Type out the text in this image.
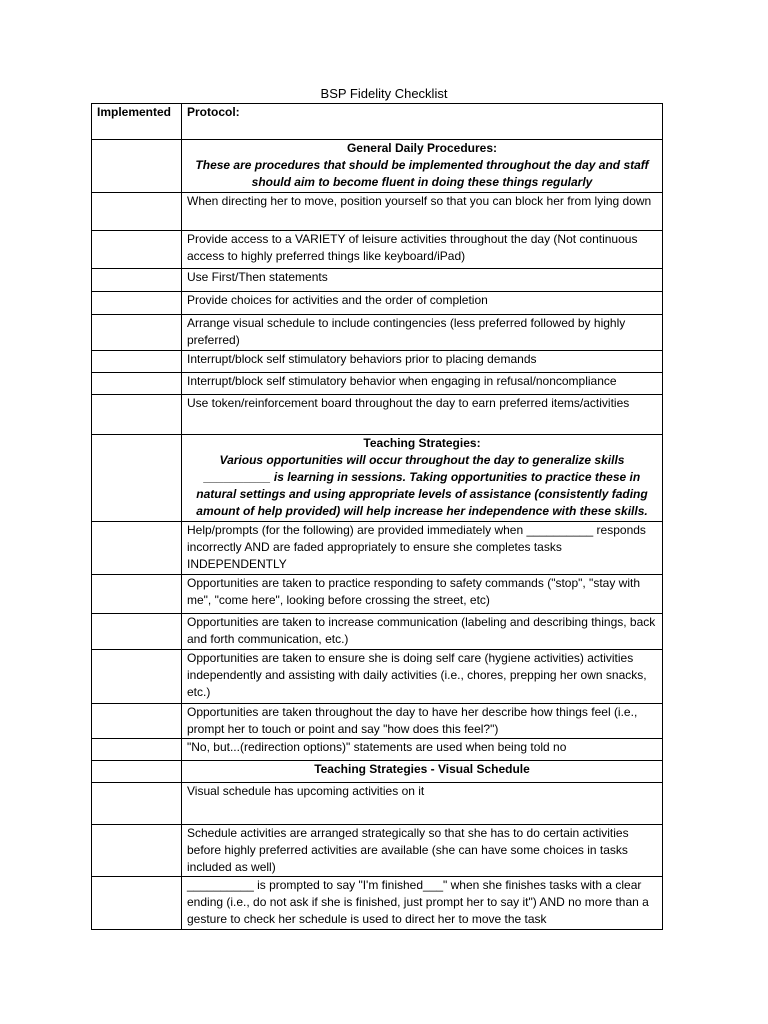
BSP Fidelity Checklist
Implemented	Protocol:

	General Daily Procedures:
These are procedures that should be implemented throughout the day and staff should aim to become fluent in doing these things regularly

	When directing her to move, position yourself so that you can block her from lying down
	Provide access to a VARIETY of leisure activities throughout the day (Not continuous access to highly preferred things like keyboard/iPad)
	Use First/Then statements
	Provide choices for activities and the order of completion
	Arrange visual schedule to include contingencies (less preferred followed by highly preferred)
	Interrupt/block self stimulatory behaviors prior to placing demands
	Interrupt/block self stimulatory behavior when engaging in refusal/noncompliance
	Use token/reinforcement board throughout the day to earn preferred items/activities

	Teaching Strategies:
Various opportunities will occur throughout the day to generalize skills __________ is learning in sessions. Taking opportunities to practice these in natural settings and using appropriate levels of assistance (consistently fading amount of help provided) will help increase her independence with these skills.

	Help/prompts (for the following) are provided immediately when __________ responds incorrectly AND are faded appropriately to ensure she completes tasks INDEPENDENTLY
	Opportunities are taken to practice responding to safety commands ("stop", "stay with me", "come here", looking before crossing the street, etc)
	Opportunities are taken to increase communication (labeling and describing things, back and forth communication, etc.)
	Opportunities are taken to ensure she is doing self care (hygiene activities) activities independently and assisting with daily activities (i.e., chores, prepping her own snacks, etc.)
	Opportunities are taken throughout the day to have her describe how things feel (i.e., prompt her to touch or point and say "how does this feel?")
	"No, but...(redirection options)" statements are used when being told no
	Teaching Strategies - Visual Schedule
	Visual schedule has upcoming activities on it
	Schedule activities are arranged strategically so that she has to do certain activities before highly preferred activities are available (she can have some choices in tasks included as well)
	__________ is prompted to say "I'm finished___" when she finishes tasks with a clear ending (i.e., do not ask if she is finished, just prompt her to say it") AND no more than a gesture to check her schedule is used to direct her to move the task
